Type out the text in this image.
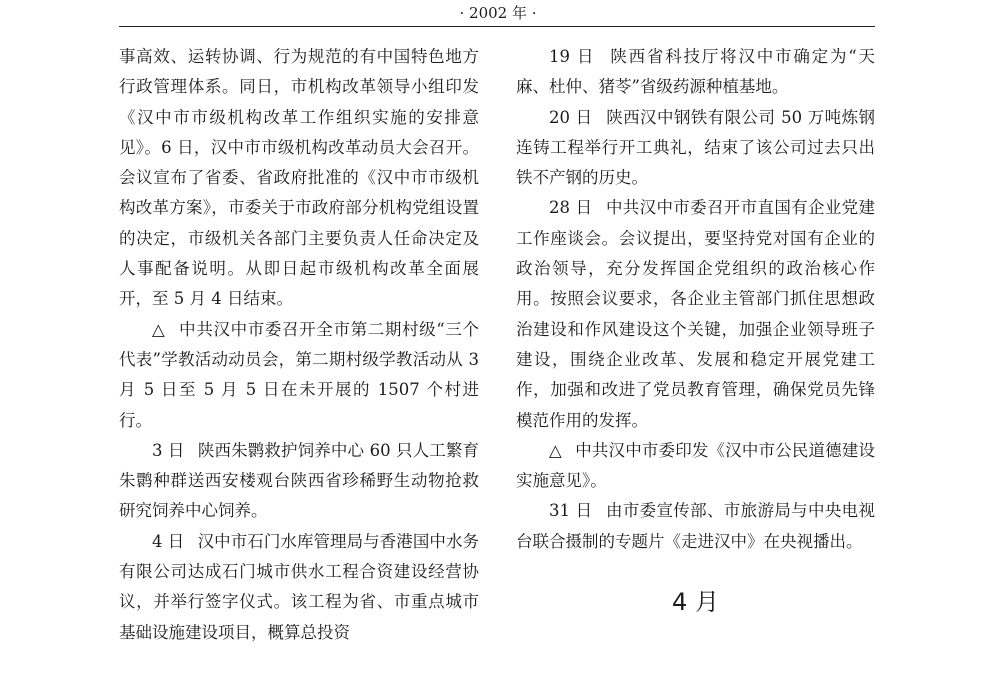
· 2002 年 ·

事高效、运转协调、行为规范的有中国特色地方行政管理体系。同日，市机构改革领导小组印发《汉中市市级机构改革工作组织实施的安排意见》。6 日，汉中市市级机构改革动员大会召开。会议宣布了省委、省政府批准的《汉中市市级机构改革方案》，市委关于市政府部分机构党组设置的决定，市级机关各部门主要负责人任命决定及人事配备说明。从即日起市级机构改革全面展开，至 5 月 4 日结束。

△ 中共汉中市委召开全市第二期村级“三个代表”学教活动动员会，第二期村级学教活动从 3 月 5 日至 5 月 5 日在未开展的 1507 个村进行。

3 日 陕西朱鹮救护饲养中心 60 只人工繁育朱鹮种群送西安楼观台陕西省珍稀野生动物抢救研究饲养中心饲养。

4 日 汉中市石门水库管理局与香港国中水务有限公司达成石门城市供水工程合资建设经营协议，并举行签字仪式。该工程为省、市重点城市基础设施建设项目，概算总投资

19 日 陕西省科技厅将汉中市确定为“天麻、杜仲、猪苓”省级药源种植基地。

20 日 陕西汉中钢铁有限公司 50 万吨炼钢连铸工程举行开工典礼，结束了该公司过去只出铁不产钢的历史。

28 日 中共汉中市委召开市直国有企业党建工作座谈会。会议提出，要坚持党对国有企业的政治领导，充分发挥国企党组织的政治核心作用。按照会议要求，各企业主管部门抓住思想政治建设和作风建设这个关键，加强企业领导班子建设，围绕企业改革、发展和稳定开展党建工作，加强和改进了党员教育管理，确保党员先锋模范作用的发挥。

△ 中共汉中市委印发《汉中市公民道德建设实施意见》。

31 日 由市委宣传部、市旅游局与中央电视台联合摄制的专题片《走进汉中》在央视播出。

4 月
